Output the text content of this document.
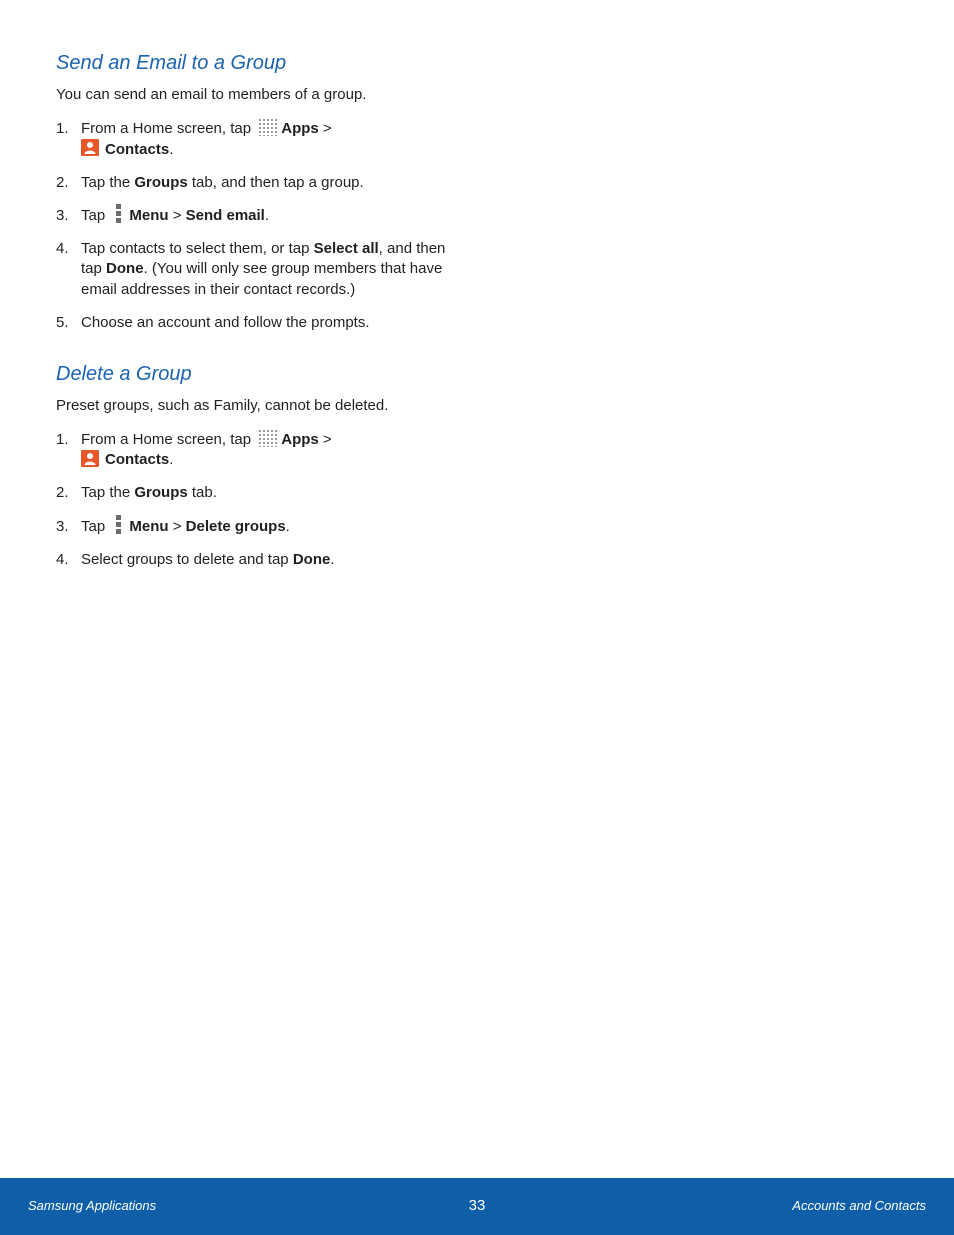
Send an Email to a Group

You can send an email to members of a group.

1. From a Home screen, tap Apps >

Contacts.
2. Tap the Groups tab, and then tap a group.
3. Tap
Menu > Send email.
4. Tap contacts to select them, or tap Select all, and then tap Done. (You will only see group members that have email addresses in their contact records.)
5. Choose an account and follow the prompts.
Delete a Group

Preset groups, such as Family, cannot be deleted.

1. From a Home screen, tap Apps >

Contacts.
2. Tap the Groups tab.
3. Tap
Menu > Delete groups.
4. Select groups to delete and tap Done.
Samsung Applications	33	Accounts and Contacts
